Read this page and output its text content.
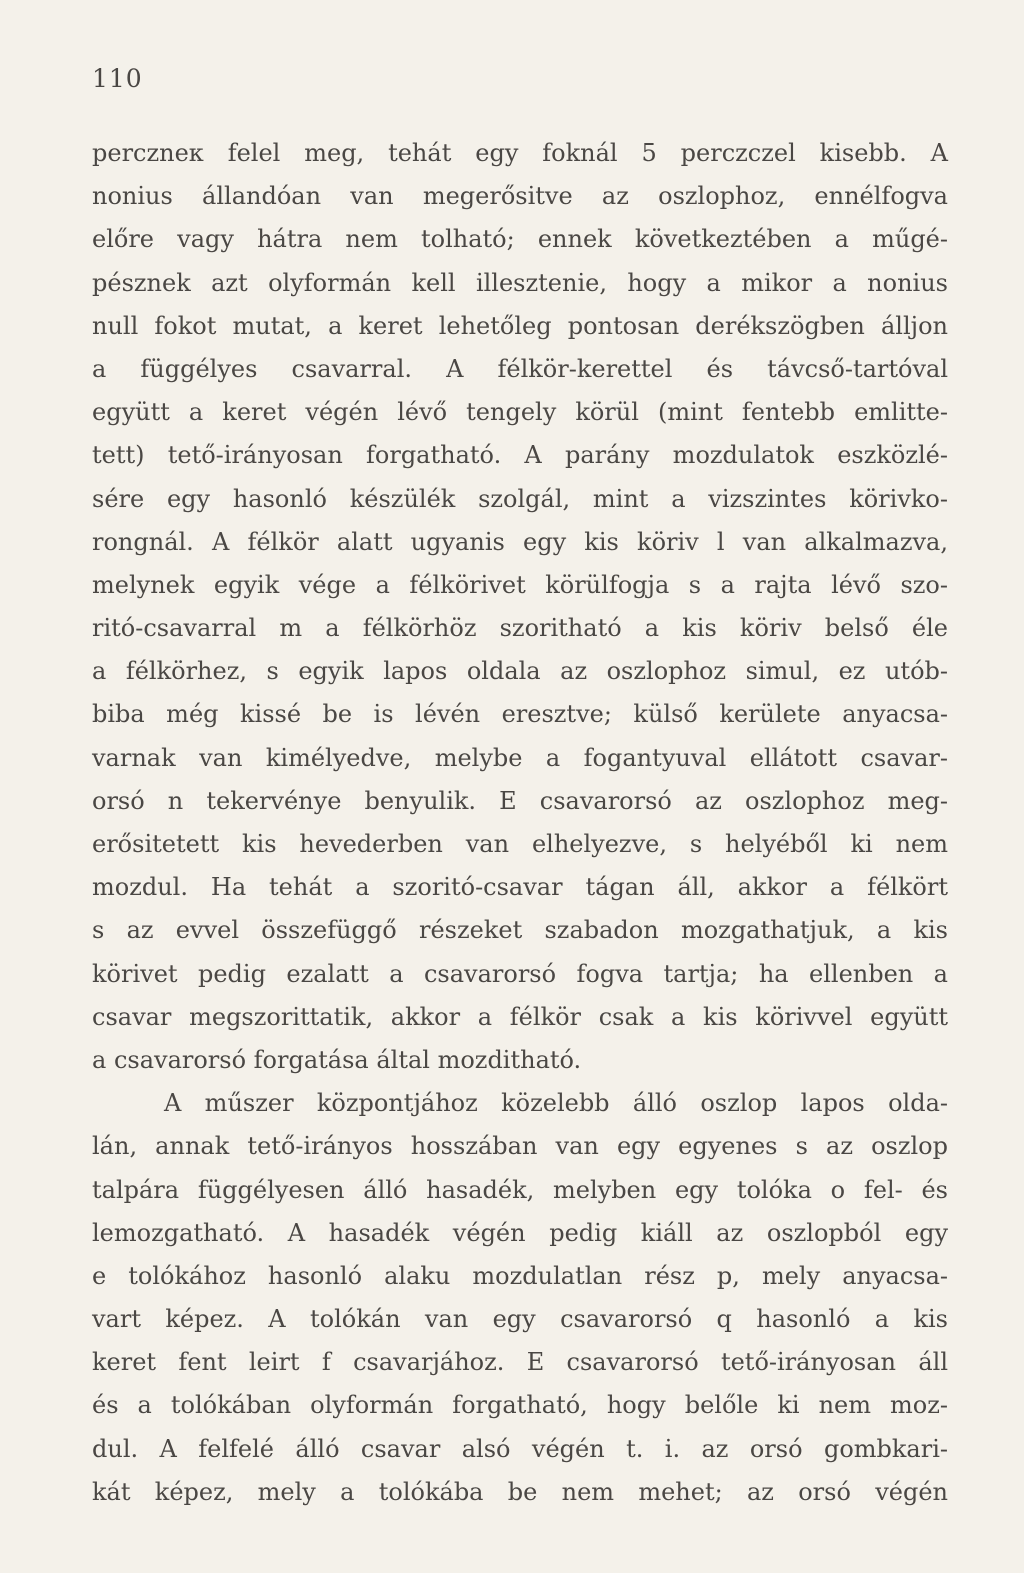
110
perczneк felel meg, tehát egy foknál 5 perczczel kisebb. A
nonius állandóan van megerősitve az oszlophoz, ennélfogva
előre vagy hátra nem tolható; ennek következtében a műgé-
pésznek azt olyformán kell illesztenie, hogy a mikor a nonius
null fokot mutat, a keret lehetőleg pontosan derékszögben álljon
a függélyes csavarral. A félkör-kerettel és távcső-tartóval
együtt a keret végén lévő tengely körül (mint fentebb emlitte-
tett) tető-irányosan forgatható. A parány mozdulatok eszközlé-
sére egy hasonló készülék szolgál, mint a vizszintes körivko-
rongnál. A félkör alatt ugyanis egy kis köriv l van alkalmazva,
melynek egyik vége a félkörivet körülfogja s a rajta lévő szo-
ritó-csavarral m a félkörhöz szoritható a kis köriv belső éle
a félkörhez, s egyik lapos oldala az oszlophoz simul, ez utób-
biba még kissé be is lévén eresztve; külső kerülete anyacsa-
varnak van kimélyedve, melybe a fogantyuval ellátott csavar-
orsó n tekervénye benyulik. E csavarorsó az oszlophoz meg-
erősitetett kis hevederben van elhelyezve, s helyéből ki nem
mozdul. Ha tehát a szoritó-csavar tágan áll, akkor a félkört
s az evvel összefüggő részeket szabadon mozgathatjuk, a kis
körivet pedig ezalatt a csavarorsó fogva tartja; ha ellenben a
csavar megszorittatik, akkor a félkör csak a kis körivvel együtt
a csavarorsó forgatása által mozditható.
A műszer központjához közelebb álló oszlop lapos olda-
lán, annak tető-irányos hosszában van egy egyenes s az oszlop
talpára függélyesen álló hasadék, melyben egy tolóka o fel- és
lemozgatható. A hasadék végén pedig kiáll az oszlopból egy
e tolókához hasonló alaku mozdulatlan rész p, mely anyacsa-
vart képez. A tolókán van egy csavarorsó q hasonló a kis
keret fent leirt f csavarjához. E csavarorsó tető-irányosan áll
és a tolókában olyformán forgatható, hogy belőle ki nem moz-
dul. A felfelé álló csavar alsó végén t. i. az orsó gombkari-
kát képez, mely a tolókába be nem mehet; az orsó végén
